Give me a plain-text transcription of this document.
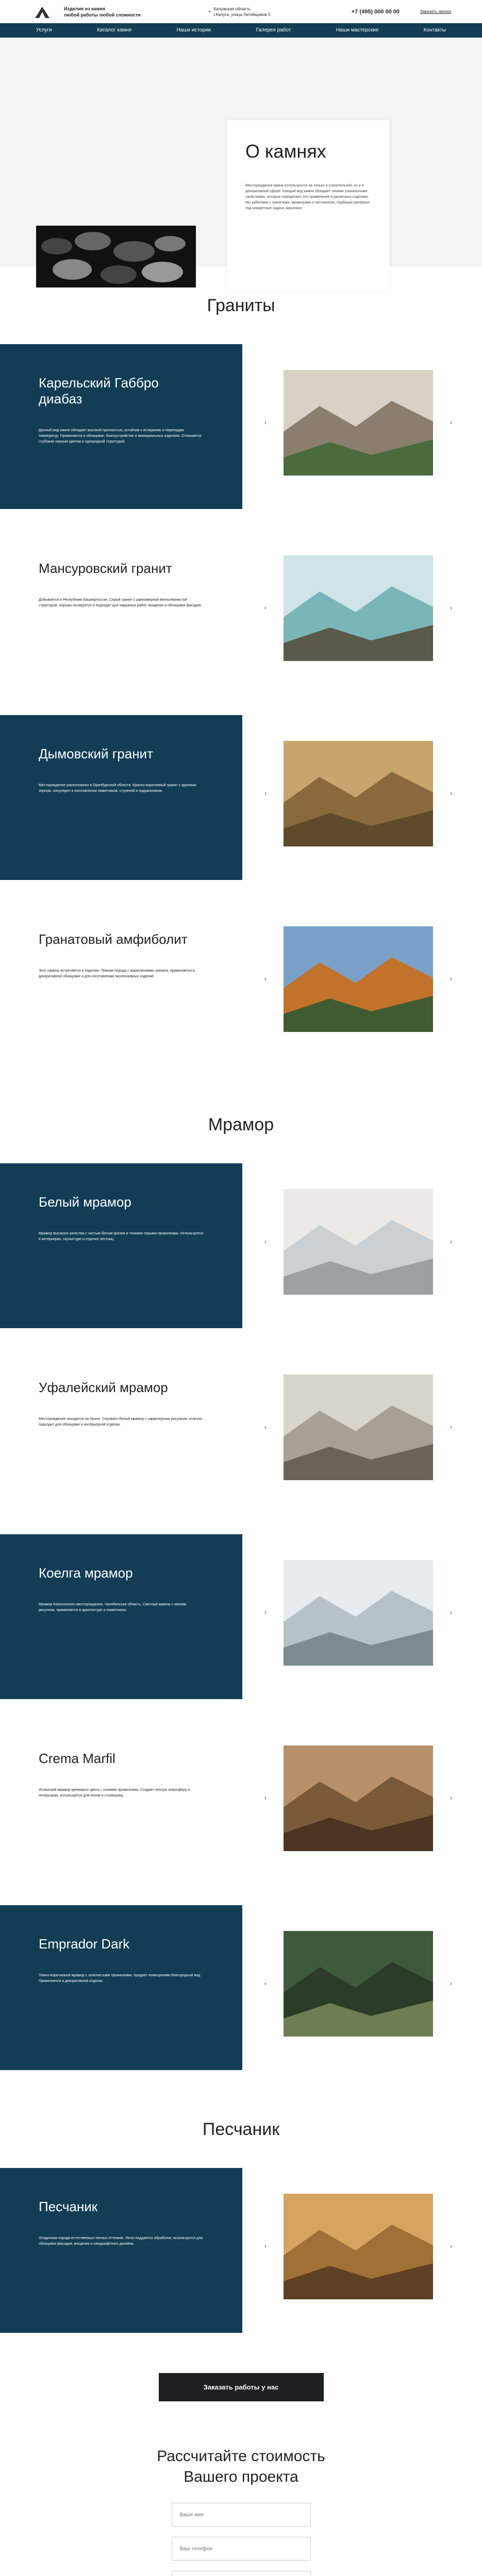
Изделия из камня
любой работы любой сложности
⌖
Калужская область
г.Калуга, улица Литейщиков 5	+7 (495) 000 00 00	Заказать звонок
Услуги	Каталог камня	Наши истории	Галерея работ	Наши мастерские	Контакты
О камнях

Месторождения камня используются не только в строительной, но и в декоративной сфере. Каждый вид камня обладает своими уникальными свойствами, которые определяют его применение в различных изделиях. Мы работаем с гранитами, мраморами и песчаником, подбирая материал под конкретные задачи заказчика.

Граниты
Карельский Габбро диабаз

Данный вид камня обладает высокой прочностью, устойчив к истиранию и перепадам температур. Применяется в облицовке, благоустройстве и мемориальных изделиях. Отличается глубоким черным цветом и однородной структурой.

‹	›
Мансуровский гранит

Добывается в Республике Башкортостан. Серый гранит с равномерной мелкозернистой структурой, хорошо полируется и подходит для наружных работ, мощения и облицовки фасадов.	‹	›
Дымовский гранит

Месторождение расположено в Оренбургской области. Красно-коричневый гранит с крупным зерном, популярен в изготовлении памятников, ступеней и подоконников.	‹	›
Гранатовый амфиболит

Этот камень встречается в Карелии. Темная порода с вкраплениями граната, применяется в декоративной облицовке и для изготовления эксклюзивных изделий.	‹	›
Мрамор
Белый мрамор

Мрамор высокого качества с чистым белым фоном и тонкими серыми прожилками. Используется в интерьерах, скульптуре и отделке лестниц.	‹	›
Уфалейский мрамор

Месторождение находится на Урале. Серовато-белый мрамор с характерным рисунком, отлично подходит для облицовки и интерьерной отделки.	‹	›
Коелга мрамор

Мрамор Коелгинского месторождения, Челябинская область. Светлый камень с мягким рисунком, применяется в архитектуре и памятниках.	‹	›
Crema Marfil

Испанский мрамор кремового цвета с тонкими прожилками. Создает теплую атмосферу в интерьерах, используется для полов и столешниц.	‹	›
Emprador Dark

Темно-коричневый мрамор с золотистыми прожилками, придает помещениям благородный вид. Применяется в декоративной отделке.	‹	›
Песчаник
Песчаник

Осадочная порода естественных теплых оттенков. Легко поддается обработке, используется для облицовки фасадов, мощения и ландшафтного дизайна.	‹	›
Заказать работы у нас
Рассчитайте стоимость
Вашего проекта
Ваше имя
Ваш телефон
Комментарий к заказу
